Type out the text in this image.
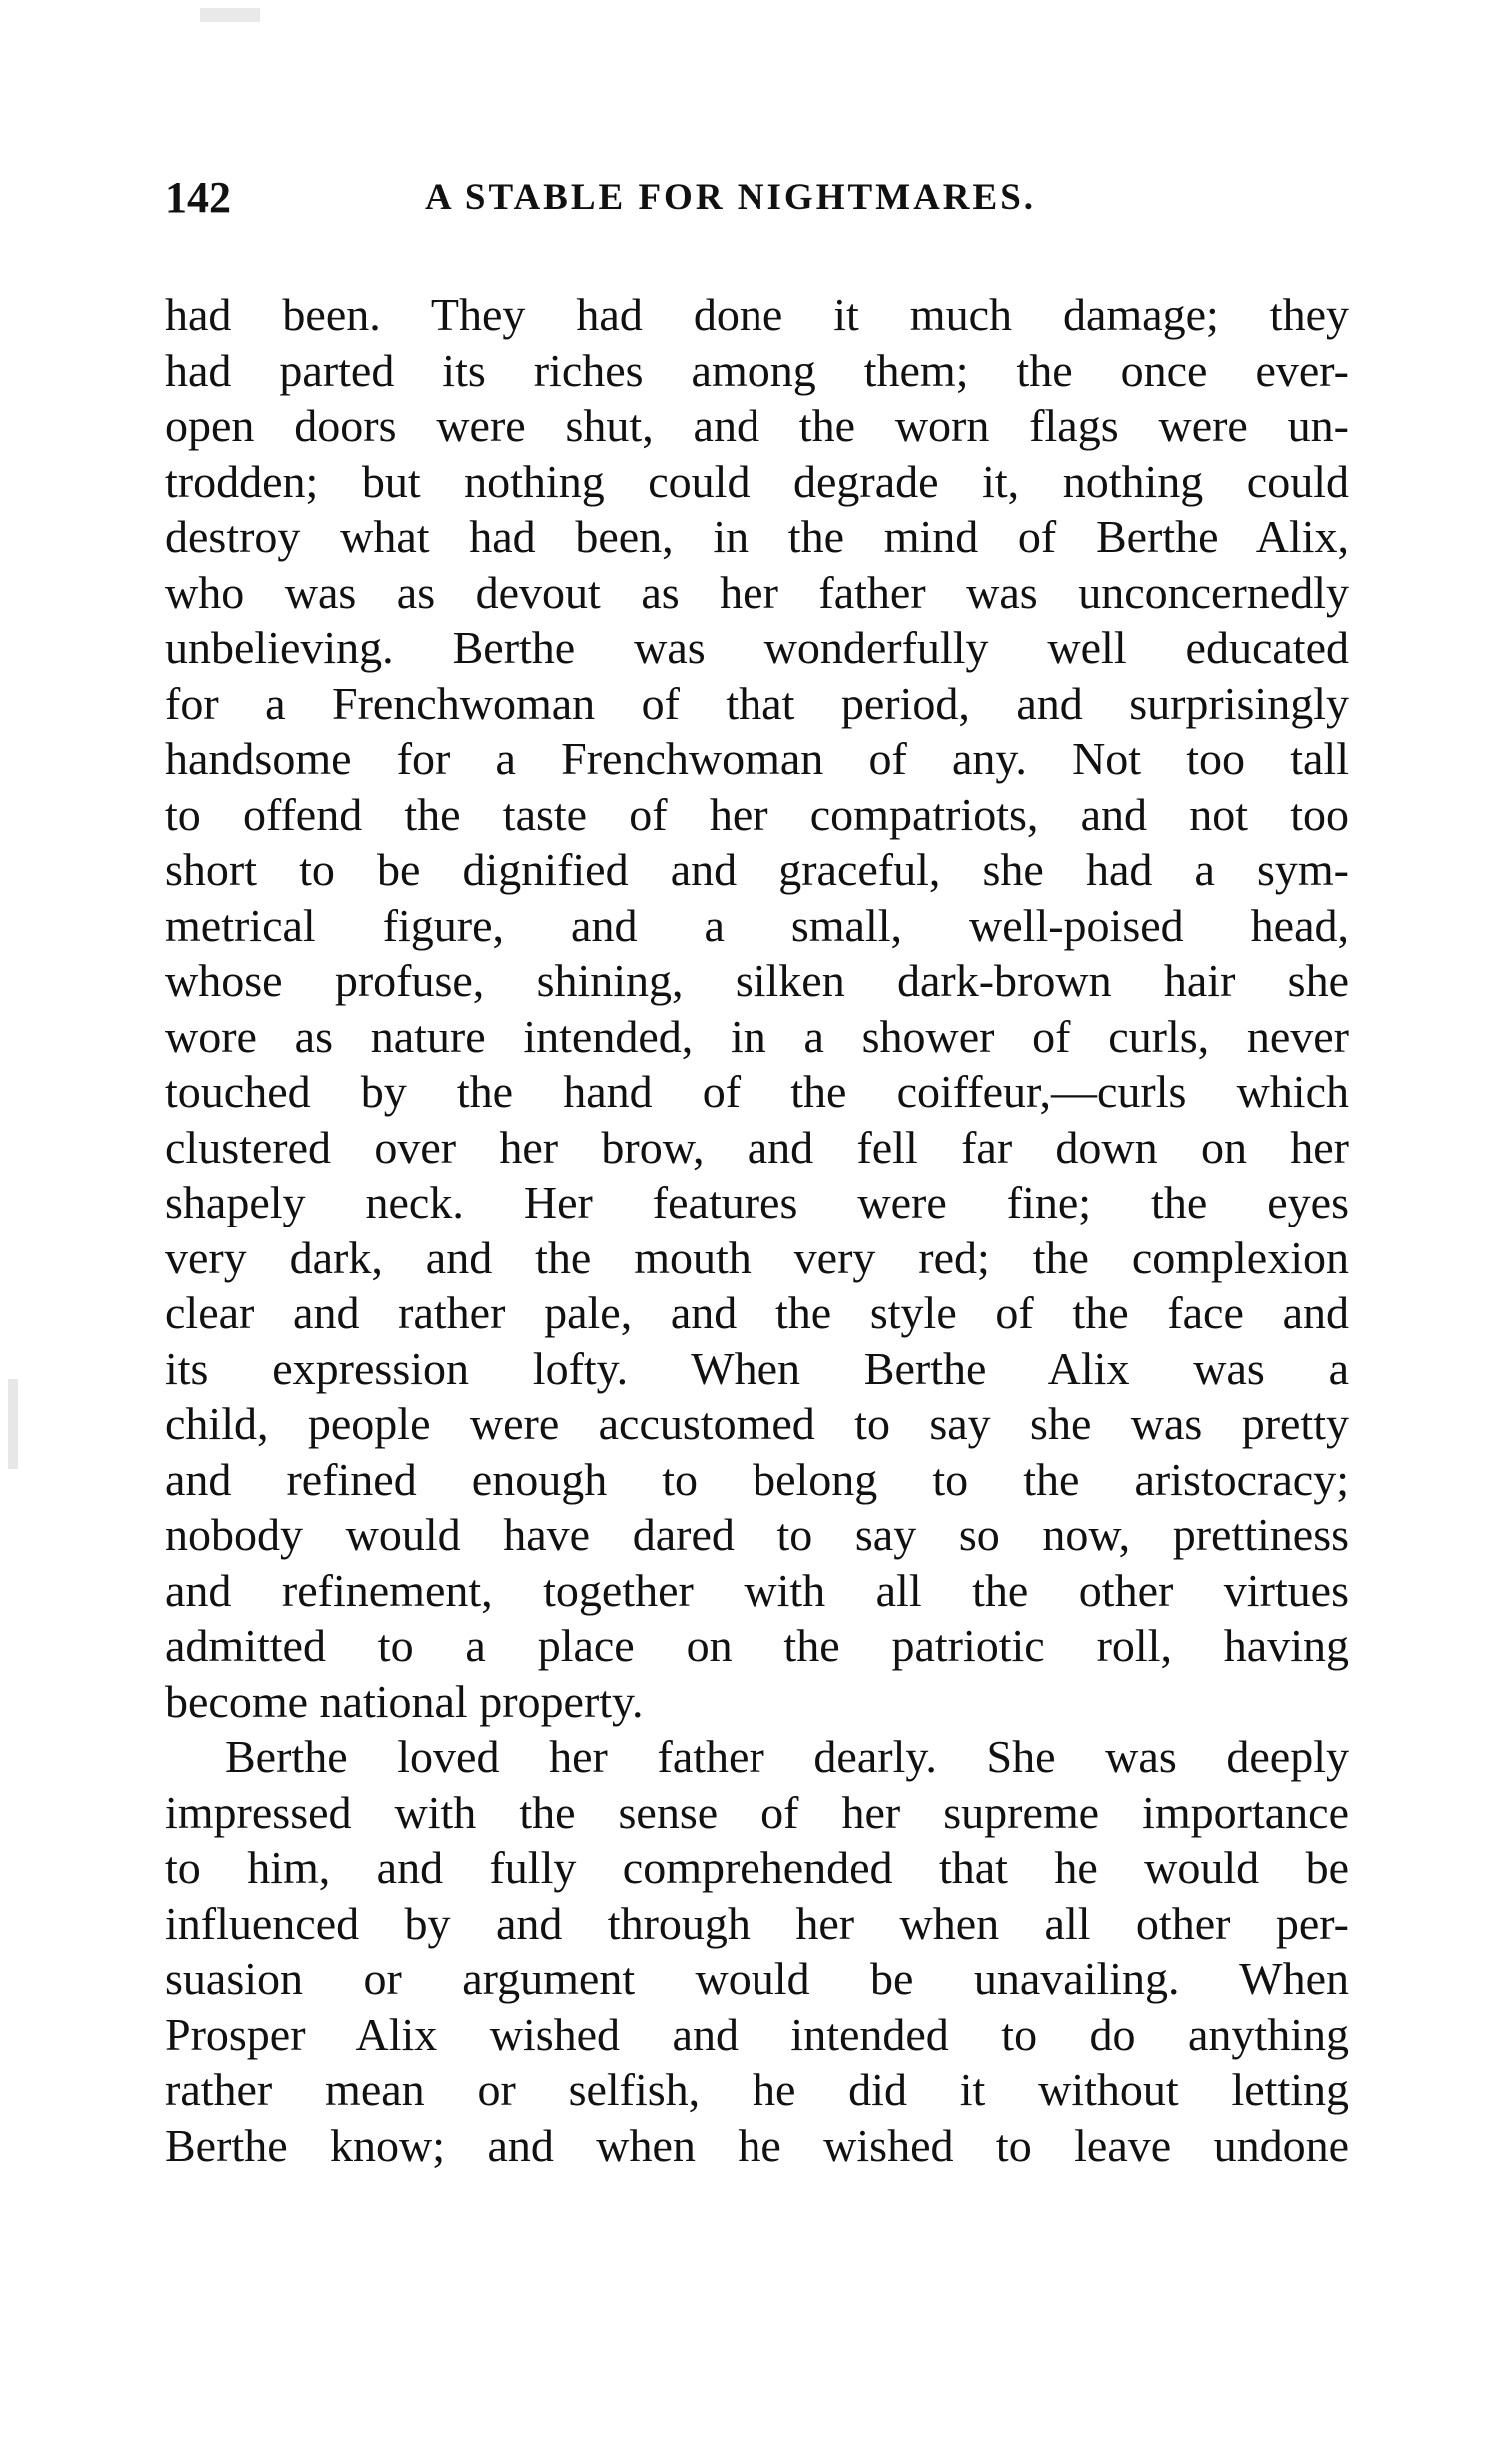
142	A STABLE FOR NIGHTMARES.
had been. They had done it much damage; they
had parted its riches among them; the once ever-
open doors were shut, and the worn flags were un-
trodden; but nothing could degrade it, nothing could
destroy what had been, in the mind of Berthe Alix,
who was as devout as her father was unconcernedly
unbelieving. Berthe was wonderfully well educated
for a Frenchwoman of that period, and surprisingly
handsome for a Frenchwoman of any. Not too tall
to offend the taste of her compatriots, and not too
short to be dignified and graceful, she had a sym-
metrical figure, and a small, well-poised head,
whose profuse, shining, silken dark-brown hair she
wore as nature intended, in a shower of curls, never
touched by the hand of the coiffeur,—curls which
clustered over her brow, and fell far down on her
shapely neck. Her features were fine; the eyes
very dark, and the mouth very red; the complexion
clear and rather pale, and the style of the face and
its expression lofty. When Berthe Alix was a
child, people were accustomed to say she was pretty
and refined enough to belong to the aristocracy;
nobody would have dared to say so now, prettiness
and refinement, together with all the other virtues
admitted to a place on the patriotic roll, having
become national property.
Berthe loved her father dearly. She was deeply
impressed with the sense of her supreme importance
to him, and fully comprehended that he would be
influenced by and through her when all other per-
suasion or argument would be unavailing. When
Prosper Alix wished and intended to do anything
rather mean or selfish, he did it without letting
Berthe know; and when he wished to leave undone
